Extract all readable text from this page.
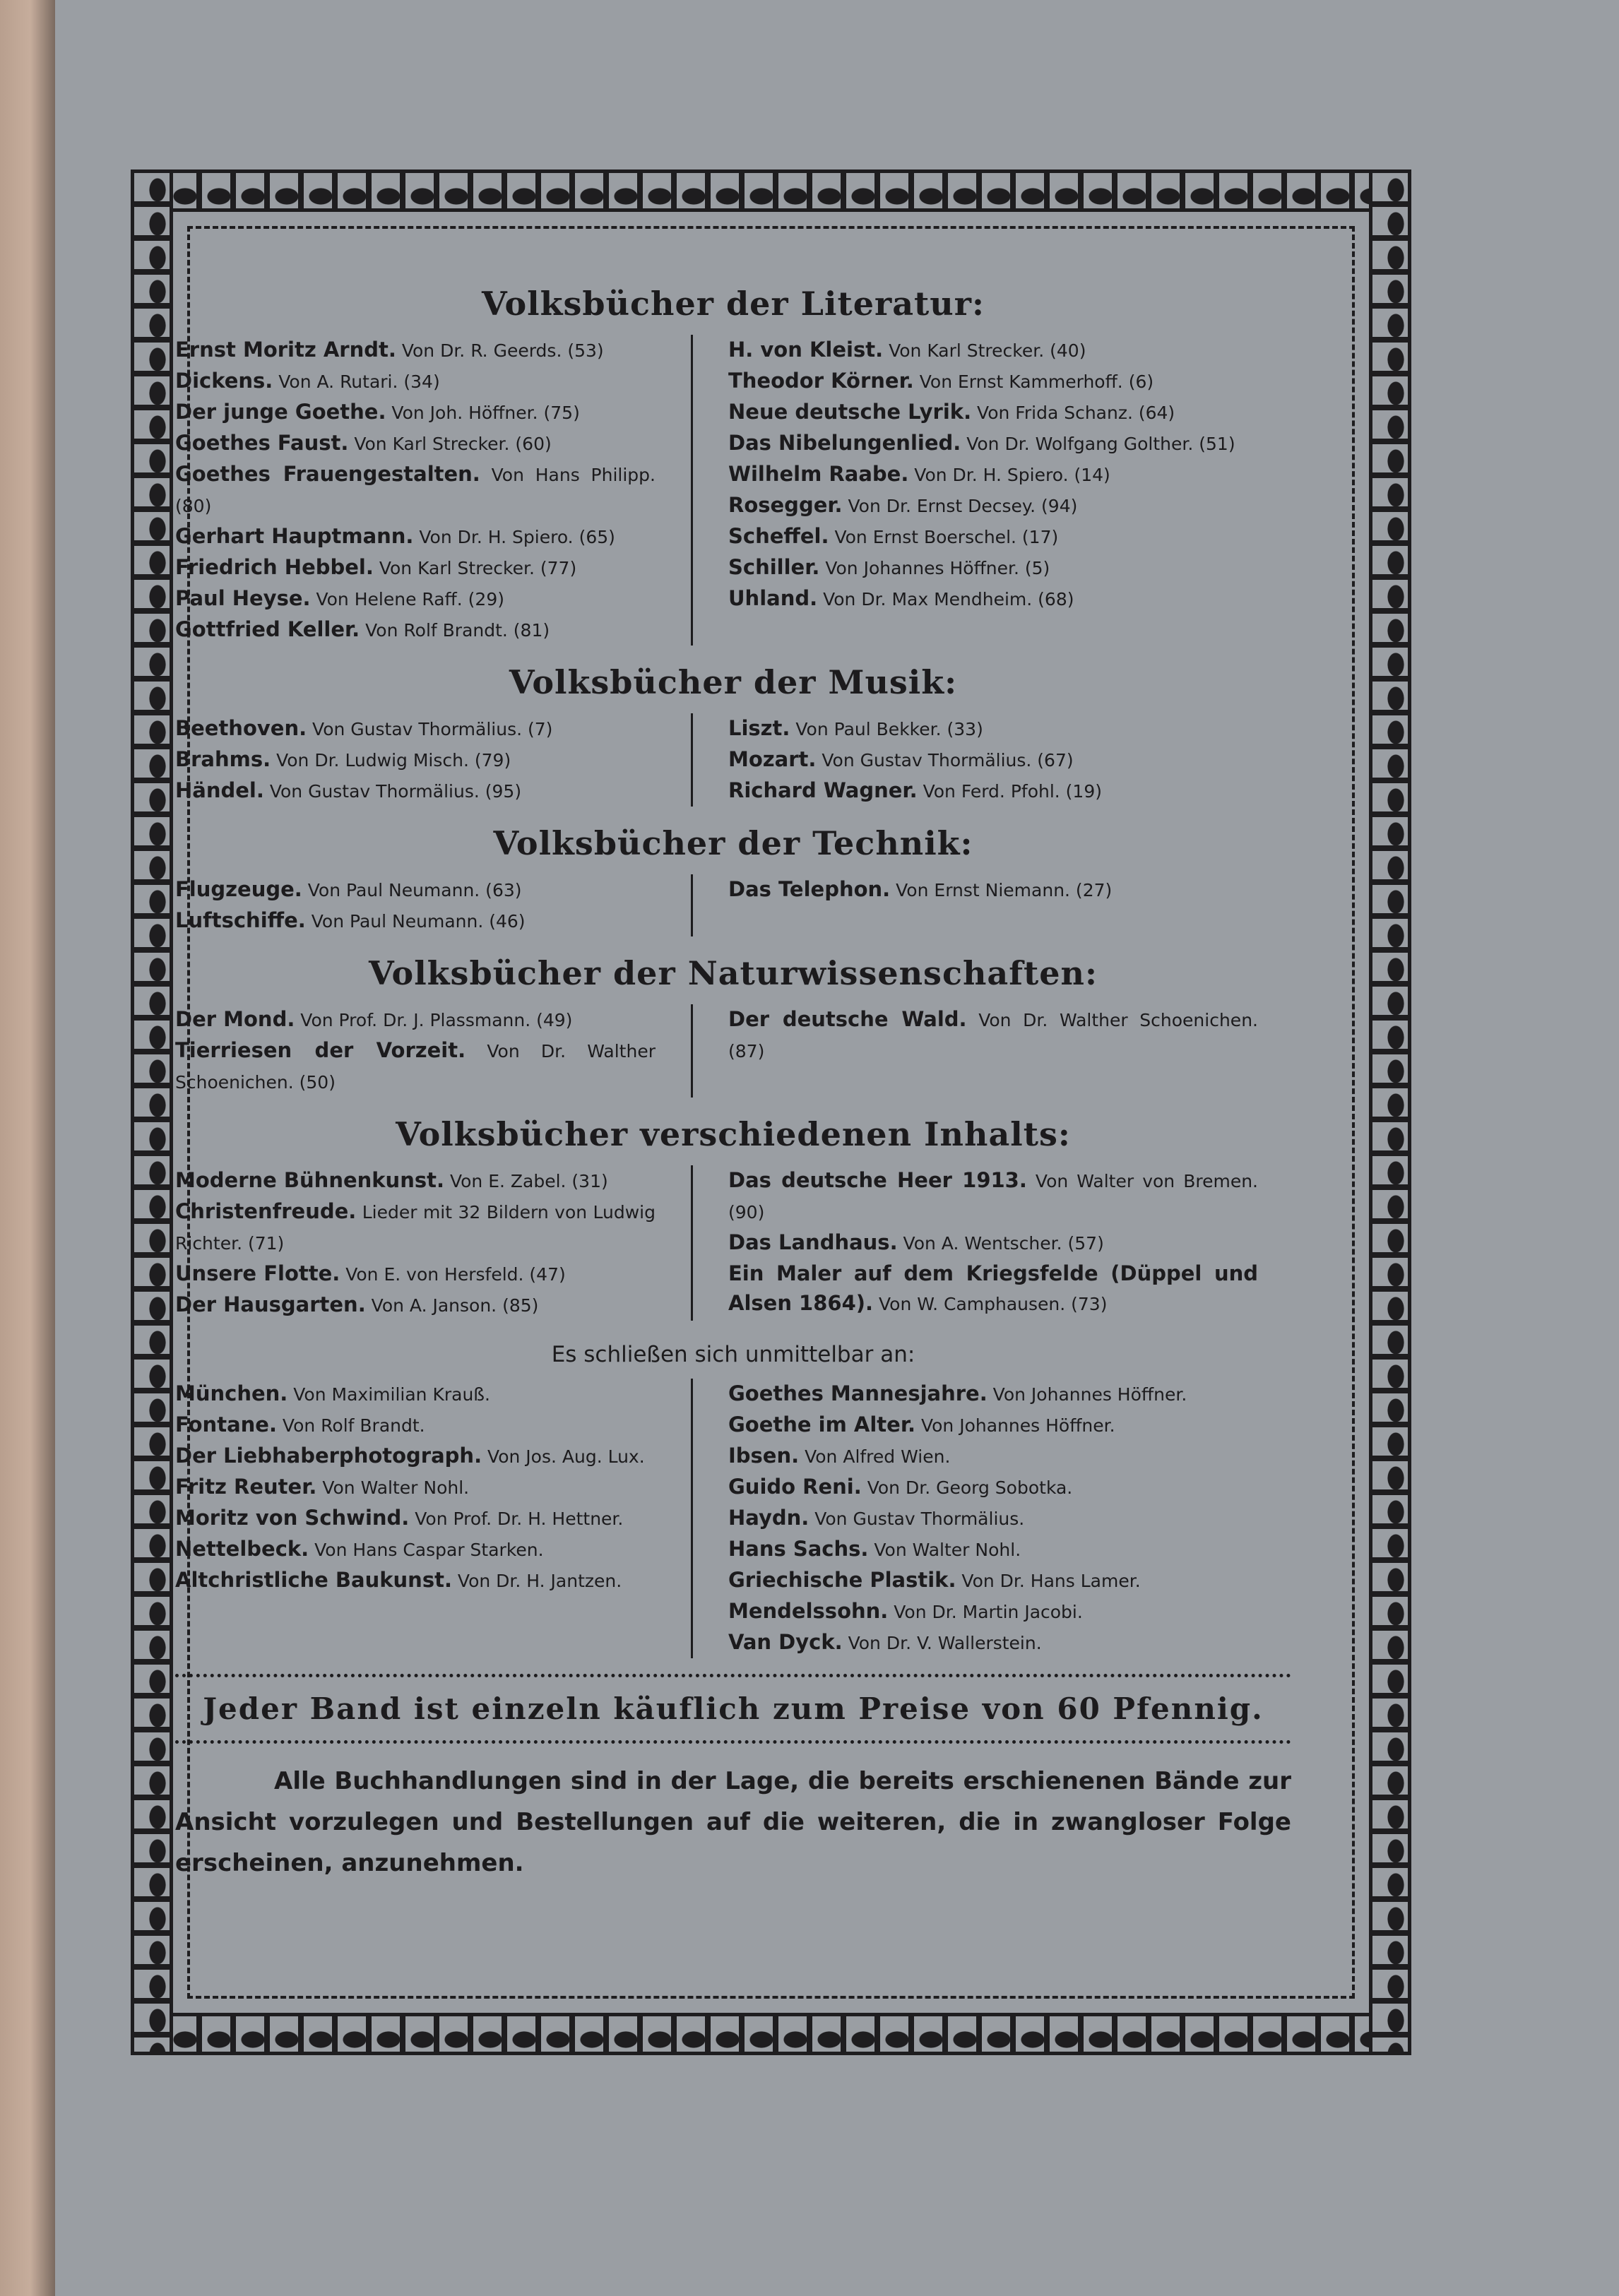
Volksbücher der Literatur:
Ernst Moritz Arndt. Von Dr. R. Geerds. (53)
Dickens. Von A. Rutari. (34)
Der junge Goethe. Von Joh. Höffner. (75)
Goethes Faust. Von Karl Strecker. (60)
Goethes Frauengestalten. Von Hans Philipp. (80)
Gerhart Hauptmann. Von Dr. H. Spiero. (65)
Friedrich Hebbel. Von Karl Strecker. (77)
Paul Heyse. Von Helene Raff. (29)
Gottfried Keller. Von Rolf Brandt. (81)
H. von Kleist. Von Karl Strecker. (40)
Theodor Körner. Von Ernst Kammerhoff. (6)
Neue deutsche Lyrik. Von Frida Schanz. (64)
Das Nibelungenlied. Von Dr. Wolfgang Golther. (51)
Wilhelm Raabe. Von Dr. H. Spiero. (14)
Rosegger. Von Dr. Ernst Decsey. (94)
Scheffel. Von Ernst Boerschel. (17)
Schiller. Von Johannes Höffner. (5)
Uhland. Von Dr. Max Mendheim. (68)
Volksbücher der Musik:
Beethoven. Von Gustav Thormälius. (7)
Brahms. Von Dr. Ludwig Misch. (79)
Händel. Von Gustav Thormälius. (95)
Liszt. Von Paul Bekker. (33)
Mozart. Von Gustav Thormälius. (67)
Richard Wagner. Von Ferd. Pfohl. (19)
Volksbücher der Technik:
Flugzeuge. Von Paul Neumann. (63)
Luftschiffe. Von Paul Neumann. (46)
Das Telephon. Von Ernst Niemann. (27)
Volksbücher der Naturwissenschaften:
Der Mond. Von Prof. Dr. J. Plassmann. (49)
Tierriesen der Vorzeit. Von Dr. Walther Schoenichen. (50)
Der deutsche Wald. Von Dr. Walther Schoenichen. (87)
Volksbücher verschiedenen Inhalts:
Moderne Bühnenkunst. Von E. Zabel. (31)
Christenfreude. Lieder mit 32 Bildern von Ludwig Richter. (71)
Unsere Flotte. Von E. von Hersfeld. (47)
Der Hausgarten. Von A. Janson. (85)
Das deutsche Heer 1913. Von Walter von Bremen. (90)
Das Landhaus. Von A. Wentscher. (57)
Ein Maler auf dem Kriegsfelde (Düppel und Alsen 1864). Von W. Camphausen. (73)
Es schließen sich unmittelbar an:
München. Von Maximilian Krauß.
Fontane. Von Rolf Brandt.
Der Liebhaberphotograph. Von Jos. Aug. Lux.
Fritz Reuter. Von Walter Nohl.
Moritz von Schwind. Von Prof. Dr. H. Hettner.
Nettelbeck. Von Hans Caspar Starken.
Altchristliche Baukunst. Von Dr. H. Jantzen.
Goethes Mannesjahre. Von Johannes Höffner.
Goethe im Alter. Von Johannes Höffner.
Ibsen. Von Alfred Wien.
Guido Reni. Von Dr. Georg Sobotka.
Haydn. Von Gustav Thormälius.
Hans Sachs. Von Walter Nohl.
Griechische Plastik. Von Dr. Hans Lamer.
Mendelssohn. Von Dr. Martin Jacobi.
Van Dyck. Von Dr. V. Wallerstein.
Jeder Band ist einzeln käuflich zum Preise von 60 Pfennig.
Alle Buchhandlungen sind in der Lage, die bereits erschienenen Bände zur Ansicht vorzulegen und Bestellungen auf die weiteren, die in zwangloser Folge erscheinen, anzunehmen.
